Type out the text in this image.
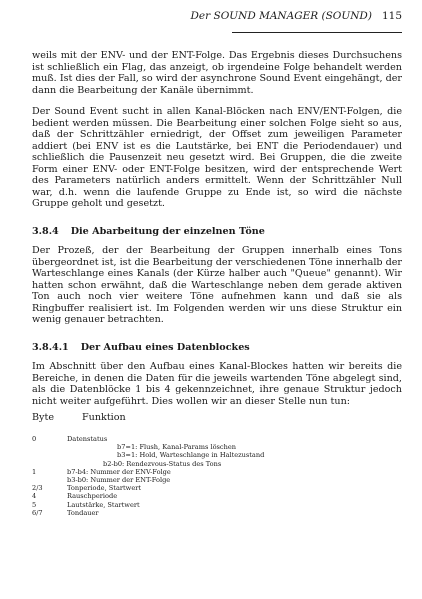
Der SOUND MANAGER (SOUND) 115

weils mit der ENV- und der ENT-Folge. Das Ergebnis dieses Durchsuchens ist schließlich ein Flag, das anzeigt, ob irgendeine Folge behandelt werden muß. Ist dies der Fall, so wird der asynchrone Sound Event eingehängt, der dann die Bearbeitung der Kanäle übernimmt.

Der Sound Event sucht in allen Kanal-Blöcken nach ENV/ENT-Folgen, die bedient werden müssen. Die Bearbeitung einer solchen Folge sieht so aus, daß der Schrittzähler erniedrigt, der Offset zum jeweiligen Parameter addiert (bei ENV ist es die Lautstärke, bei ENT die Periodendauer) und schließlich die Pausenzeit neu gesetzt wird. Bei Gruppen, die die zweite Form einer ENV- oder ENT-Folge besitzen, wird der entsprechende Wert des Parameters natürlich anders ermittelt. Wenn der Schrittzähler Null war, d.h. wenn die laufende Gruppe zu Ende ist, so wird die nächste Gruppe geholt und gesetzt.

3.8.4 Die Abarbeitung der einzelnen Töne

Der Prozeß, der der Bearbeitung der Gruppen innerhalb eines Tons übergeordnet ist, ist die Bearbeitung der verschiedenen Töne innerhalb der Warteschlange eines Kanals (der Kürze halber auch "Queue" genannt). Wir hatten schon erwähnt, daß die Warteschlange neben dem gerade aktiven Ton auch noch vier weitere Töne aufnehmen kann und daß sie als Ringbuffer realisiert ist. Im Folgenden werden wir uns diese Struktur ein wenig genauer betrachten.

3.8.4.1 Der Aufbau eines Datenblockes

Im Abschnitt über den Aufbau eines Kanal-Blockes hatten wir bereits die Bereiche, in denen die Daten für die jeweils wartenden Töne abgelegt sind, als die Datenblöcke 1 bis 4 gekennzeichnet, ihre genaue Struktur jedoch nicht weiter aufgeführt. Dies wollen wir an dieser Stelle nun tun:

Byte	Funktion
0	Datenstatus
b7=1: Flush, Kanal-Params löschen
b3=1: Hold, Warteschlange in Haltezustand
b2-b0: Rendezvous-Status des Tons
1	b7-b4: Nummer der ENV-Folge
b3-b0: Nummer der ENT-Folge
2/3	Tonperiode, Startwert
4	Rauschperiode
5	Lautstärke, Startwert
6/7	Tondauer
